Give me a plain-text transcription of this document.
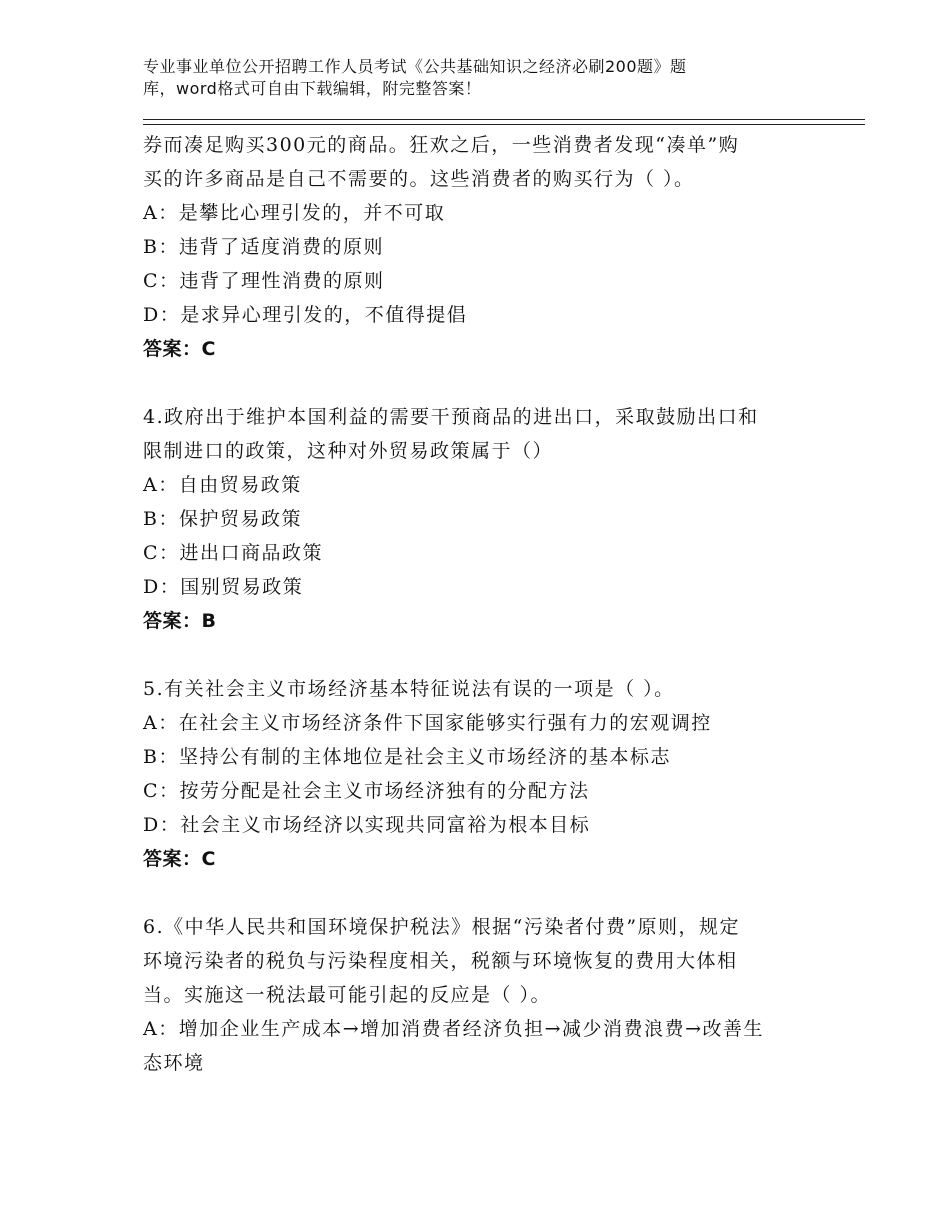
专业事业单位公开招聘工作人员考试《公共基础知识之经济必刷200题》题
库，word格式可自由下载编辑，附完整答案！
券而凑足购买300元的商品。狂欢之后，一些消费者发现“凑单”购
买的许多商品是自己不需要的。这些消费者的购买行为（ ）。
A：是攀比心理引发的，并不可取
B：违背了适度消费的原则
C：违背了理性消费的原则
D：是求异心理引发的，不值得提倡
答案：C
4.政府出于维护本国利益的需要干预商品的进出口，采取鼓励出口和
限制进口的政策，这种对外贸易政策属于（）
A：自由贸易政策
B：保护贸易政策
C：进出口商品政策
D：国别贸易政策
答案：B
5.有关社会主义市场经济基本特征说法有误的一项是（ ）。
A：在社会主义市场经济条件下国家能够实行强有力的宏观调控
B：坚持公有制的主体地位是社会主义市场经济的基本标志
C：按劳分配是社会主义市场经济独有的分配方法
D：社会主义市场经济以实现共同富裕为根本目标
答案：C
6.《中华人民共和国环境保护税法》根据“污染者付费”原则，规定
环境污染者的税负与污染程度相关，税额与环境恢复的费用大体相
当。实施这一税法最可能引起的反应是（ ）。
A：增加企业生产成本→增加消费者经济负担→减少消费浪费→改善生
态环境
